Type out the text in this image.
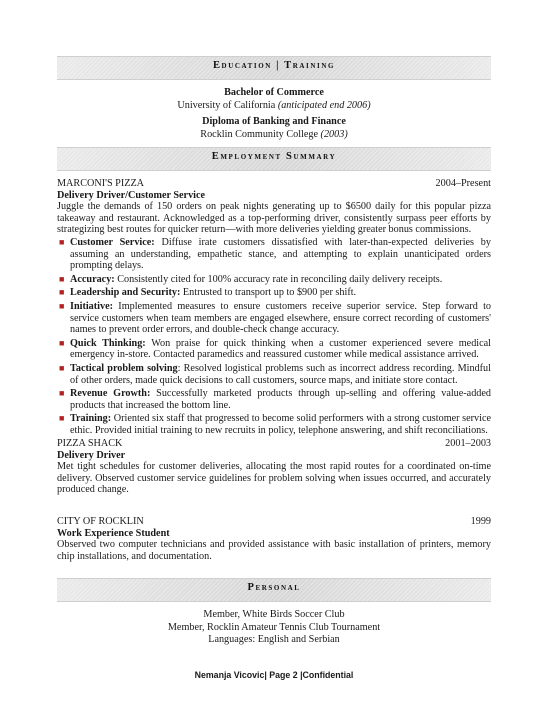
Education | Training
Bachelor of Commerce
University of California (anticipated end 2006)
Diploma of Banking and Finance
Rocklin Community College (2003)
Employment Summary
MARCONI'S PIZZA	2004–Present
Delivery Driver/Customer Service
Juggle the demands of 150 orders on peak nights generating up to $6500 daily for this popular pizza takeaway and restaurant. Acknowledged as a top-performing driver, consistently surpass peer efforts by strategizing best routes for quicker return—with more deliveries yielding greater bonus commissions.
■ Customer Service: Diffuse irate customers dissatisfied with later-than-expected deliveries by assuming an understanding, empathetic stance, and attempting to explain unanticipated orders prompting delays.
■ Accuracy: Consistently cited for 100% accuracy rate in reconciling daily delivery receipts.
■ Leadership and Security: Entrusted to transport up to $900 per shift.
■ Initiative: Implemented measures to ensure customers receive superior service. Step forward to service customers when team members are engaged elsewhere, ensure correct recording of customers' names to prevent order errors, and double-check change accuracy.
■ Quick Thinking: Won praise for quick thinking when a customer experienced severe medical emergency in-store. Contacted paramedics and reassured customer while medical assistance arrived.
■ Tactical problem solving: Resolved logistical problems such as incorrect address recording. Mindful of other orders, made quick decisions to call customers, source maps, and initiate store contact.
■ Revenue Growth: Successfully marketed products through up-selling and offering value-added products that increased the bottom line.
■ Training: Oriented six staff that progressed to become solid performers with a strong customer service ethic. Provided initial training to new recruits in policy, telephone answering, and shift reconciliations.
PIZZA SHACK	2001–2003
Delivery Driver
Met tight schedules for customer deliveries, allocating the most rapid routes for a coordinated on-time delivery. Observed customer service guidelines for problem solving when issues occurred, and accurately produced change.
CITY OF ROCKLIN	1999
Work Experience Student
Observed two computer technicians and provided assistance with basic installation of printers, memory chip installations, and documentation.
Personal
Member, White Birds Soccer Club
Member, Rocklin Amateur Tennis Club Tournament
Languages: English and Serbian
Nemanja Vicovic| Page 2 |Confidential
